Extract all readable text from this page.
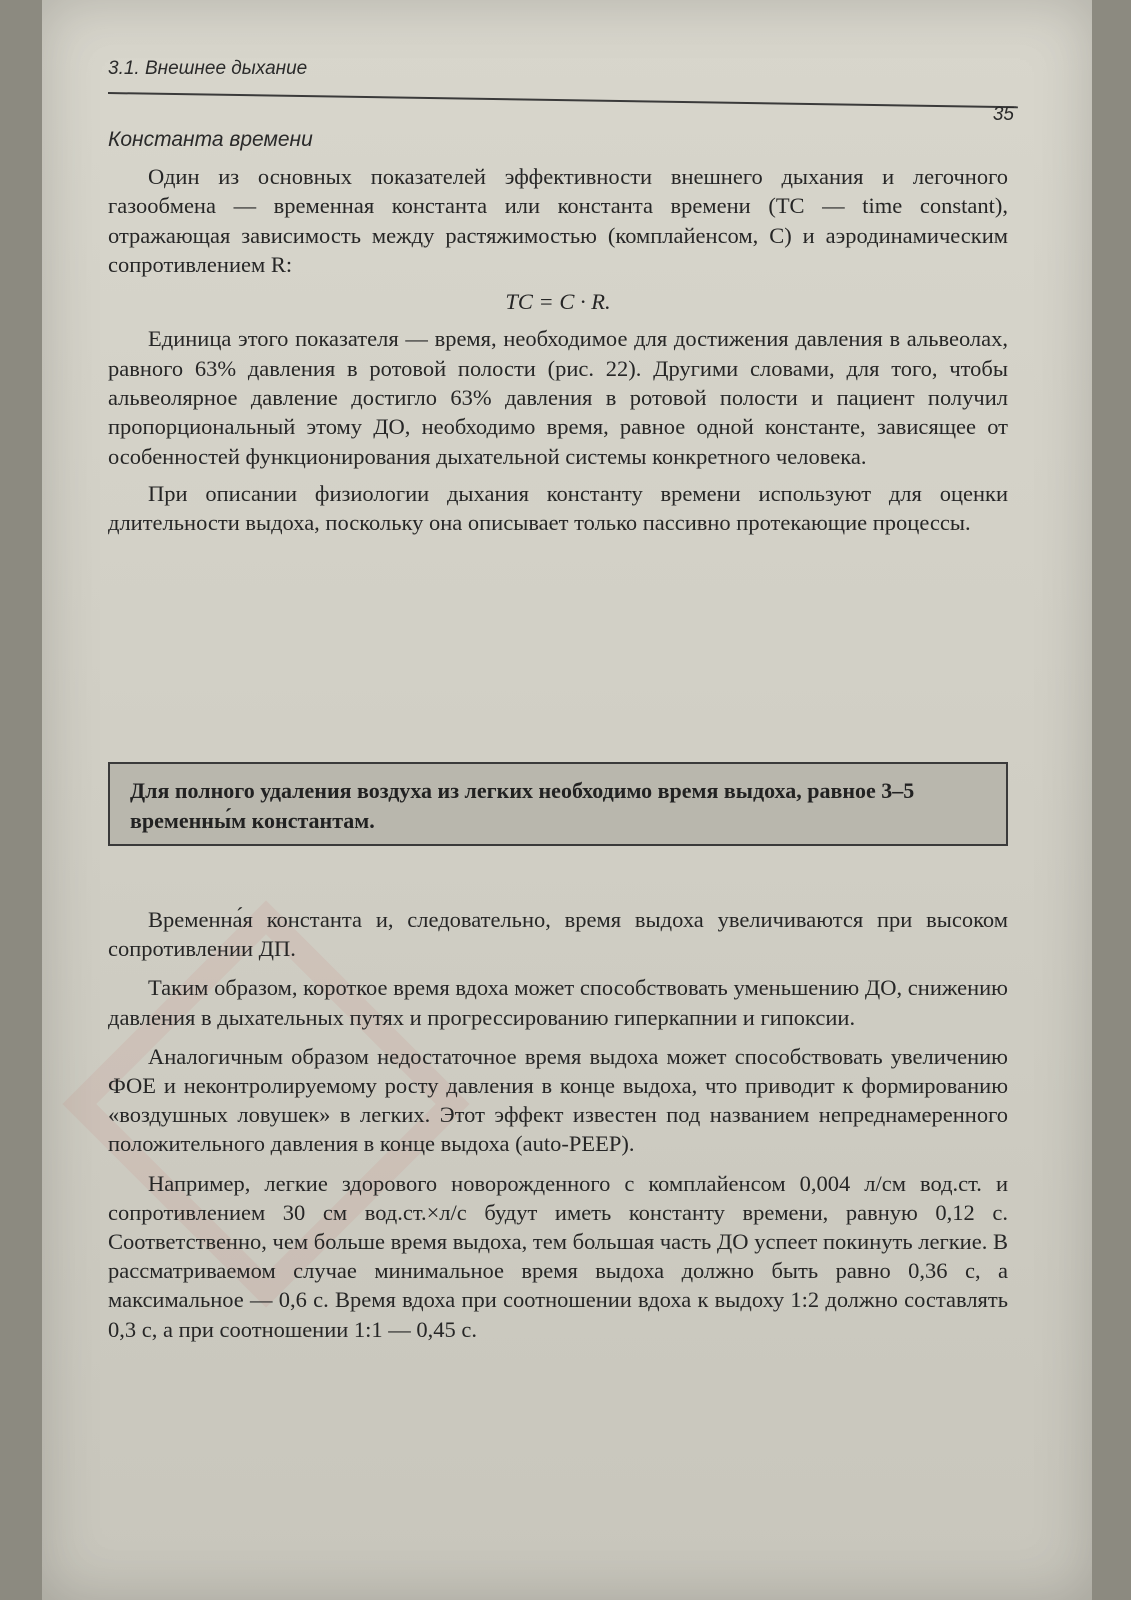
3.1. Внешнее дыхание
35
Константа времени

Один из основных показателей эффективности внешнего дыхания и легочного газообмена — временная константа или константа времени (TC — time constant), отражающая зависимость между растяжимостью (комплайенсом, C) и аэродинамическим сопротивлением R:

TC = C · R.

Единица этого показателя — время, необходимое для достижения давления в альвеолах, равного 63% давления в ротовой полости (рис. 22). Другими словами, для того, чтобы альвеолярное давление достигло 63% давления в ротовой полости и пациент получил пропорциональный этому ДО, необходимо время, равное одной константе, зависящее от особенностей функционирования дыхательной системы конкретного человека.

При описании физиологии дыхания константу времени используют для оценки длительности выдоха, поскольку она описывает только пассивно протекающие процессы.

Для полного удаления воздуха из легких необходимо время выдоха, равное 3–5 временны́м константам.

Временна́я константа и, следовательно, время выдоха увеличиваются при высоком сопротивлении ДП.

Таким образом, короткое время вдоха может способствовать уменьшению ДО, снижению давления в дыхательных путях и прогрессированию гиперкапнии и гипоксии.

Аналогичным образом недостаточное время выдоха может способствовать увеличению ФОЕ и неконтролируемому росту давления в конце выдоха, что приводит к формированию «воздушных ловушек» в легких. Этот эффект известен под названием непреднамеренного положительного давления в конце выдоха (auto-PEEP).

Например, легкие здорового новорожденного с комплайенсом 0,004 л/см вод.ст. и сопротивлением 30 см вод.ст.×л/с будут иметь константу времени, равную 0,12 с. Соответственно, чем больше время выдоха, тем большая часть ДО успеет покинуть легкие. В рассматриваемом случае минимальное время выдоха должно быть равно 0,36 с, а максимальное — 0,6 с. Время вдоха при соотношении вдоха к выдоху 1:2 должно составлять 0,3 с, а при соотношении 1:1 — 0,45 с.
